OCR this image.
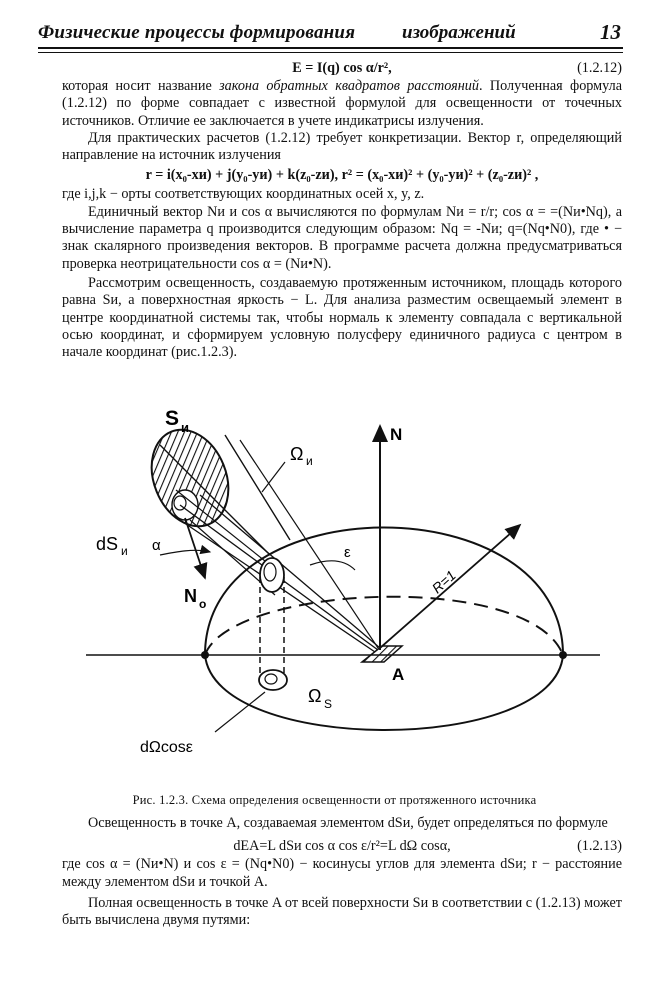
Физические процессы формирования изображений	13
E = I(q) cos α/r²,	(1.2.12)

которая носит название закона обратных квадратов расстояний. Полученная формула (1.2.12) по форме совпадает с известной формулой для освещенности от точечных источников. Отличие ее заключается в учете индикатрисы излучения.

Для практических расчетов (1.2.12) требует конкретизации. Вектор r, определяющий направление на источник излучения

r = i(x₀-xи) + j(y₀-yи) + k(z₀-zи), r² = (x₀-xи)² + (y₀-yи)² + (z₀-zи)² ,

где i,j,k − орты соответствующих координатных осей x, y, z.

Единичный вектор Nи и cos α вычисляются по формулам Nи = r/r; cos α = =(Nи•Nq), а вычисление параметра q производится следующим образом: Nq = -Nи; q=(Nq•N0), где • − знак скалярного произведения векторов. В программе расчета должна предусматриваться проверка неотрицательности cos α = (Nи•N).

Рассмотрим освещенность, создаваемую протяженным источником, площадь которого равна Sи, а поверхностная яркость − L. Для анализа разместим освещаемый элемент в центре координатной системы так, чтобы нормаль к элементу совпадала с вертикальной осью координат, и сформируем условную полусферу единичного радиуса с центром в начале координат (рис.1.2.3).

N
R=1
A
S и
Ω и
ε
dS и α
N o
Ω S
dΩcosε
Рис. 1.2.3. Схема определения освещенности от протяженного источника

Освещенность в точке A, создаваемая элементом dSи, будет определяться по формуле

dEA=L dSи cos α cos ε/r²=L dΩ cosα,	(1.2.13)

где cos α = (Nи•N) и cos ε = (Nq•N0) − косинусы углов для элемента dSи; r − расстояние между элементом dSи и точкой A.

Полная освещенность в точке A от всей поверхности Sи в соответствии с (1.2.13) может быть вычислена двумя путями:
